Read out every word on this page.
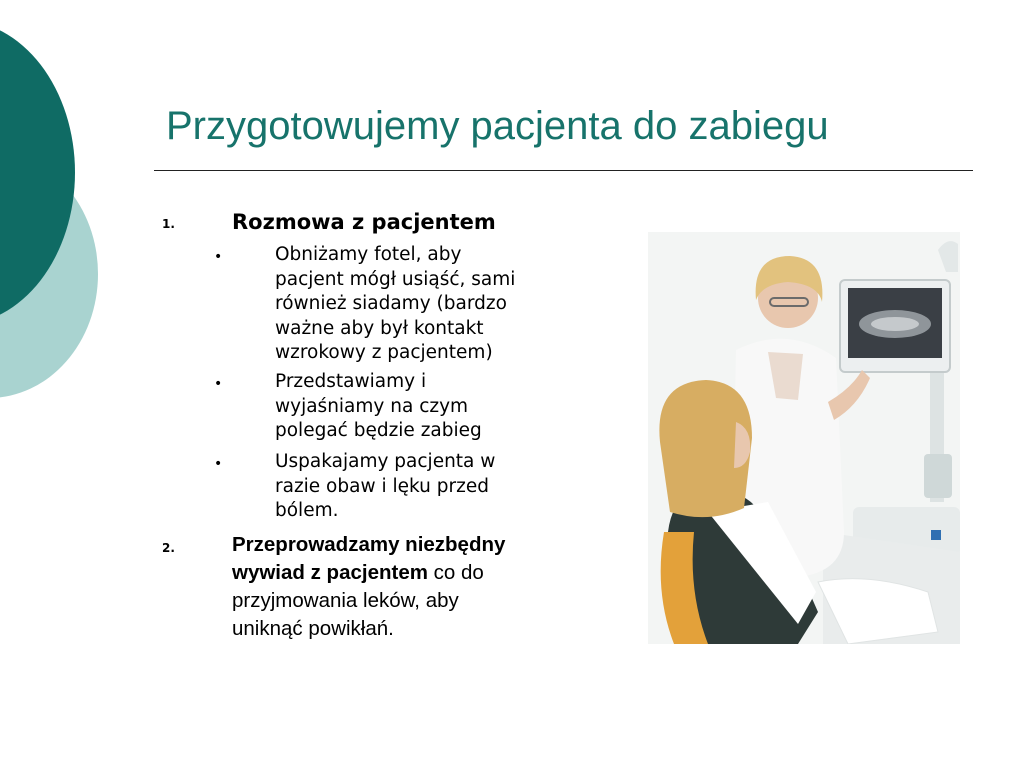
Przygotowujemy pacjenta do zabiegu
1.	Rozmowa z pacjentem
•	Obniżamy fotel, aby
pacjent mógł usiąść, sami
również siadamy (bardzo
ważne aby był kontakt
wzrokowy z pacjentem)

•	Przedstawiamy i
wyjaśniamy na czym
polegać będzie zabieg

•	Uspakajamy pacjenta w
razie obaw i lęku przed
bólem.

2.	Przeprowadzamy niezbędny
wywiad z pacjentem co do
przyjmowania leków, aby
uniknąć powikłań.
